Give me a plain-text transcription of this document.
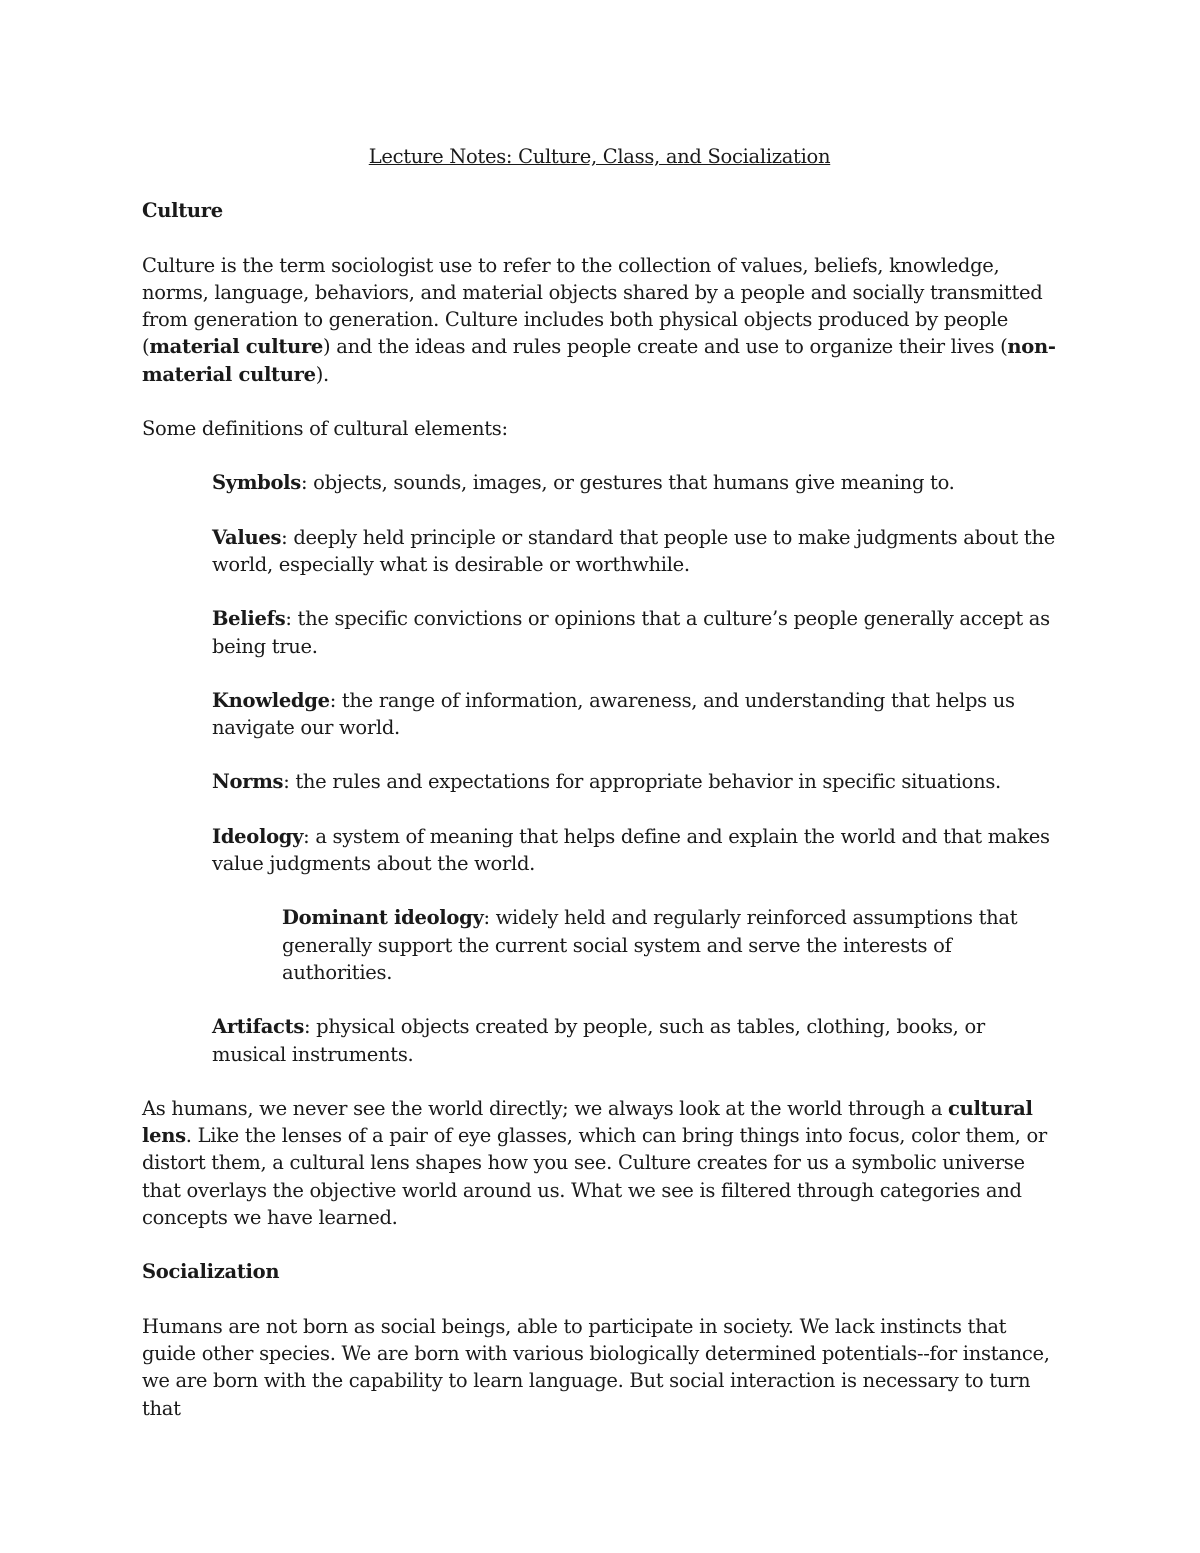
Lecture Notes: Culture, Class, and Socialization
Culture

Culture is the term sociologist use to refer to the collection of values, beliefs, knowledge, norms, language, behaviors, and material objects shared by a people and socially transmitted from generation to generation. Culture includes both physical objects produced by people (material culture) and the ideas and rules people create and use to organize their lives (non-material culture).

Some definitions of cultural elements:

Symbols: objects, sounds, images, or gestures that humans give meaning to.

Values: deeply held principle or standard that people use to make judgments about the world, especially what is desirable or worthwhile.

Beliefs: the specific convictions or opinions that a culture’s people generally accept as being true.

Knowledge: the range of information, awareness, and understanding that helps us navigate our world.

Norms: the rules and expectations for appropriate behavior in specific situations.

Ideology: a system of meaning that helps define and explain the world and that makes value judgments about the world.

Dominant ideology: widely held and regularly reinforced assumptions that generally support the current social system and serve the interests of authorities.

Artifacts: physical objects created by people, such as tables, clothing, books, or musical instruments.

As humans, we never see the world directly; we always look at the world through a cultural lens. Like the lenses of a pair of eye glasses, which can bring things into focus, color them, or distort them, a cultural lens shapes how you see. Culture creates for us a symbolic universe that overlays the objective world around us. What we see is filtered through categories and concepts we have learned.

Socialization

Humans are not born as social beings, able to participate in society. We lack instincts that guide other species. We are born with various biologically determined potentials--for instance, we are born with the capability to learn language. But social interaction is necessary to turn that
